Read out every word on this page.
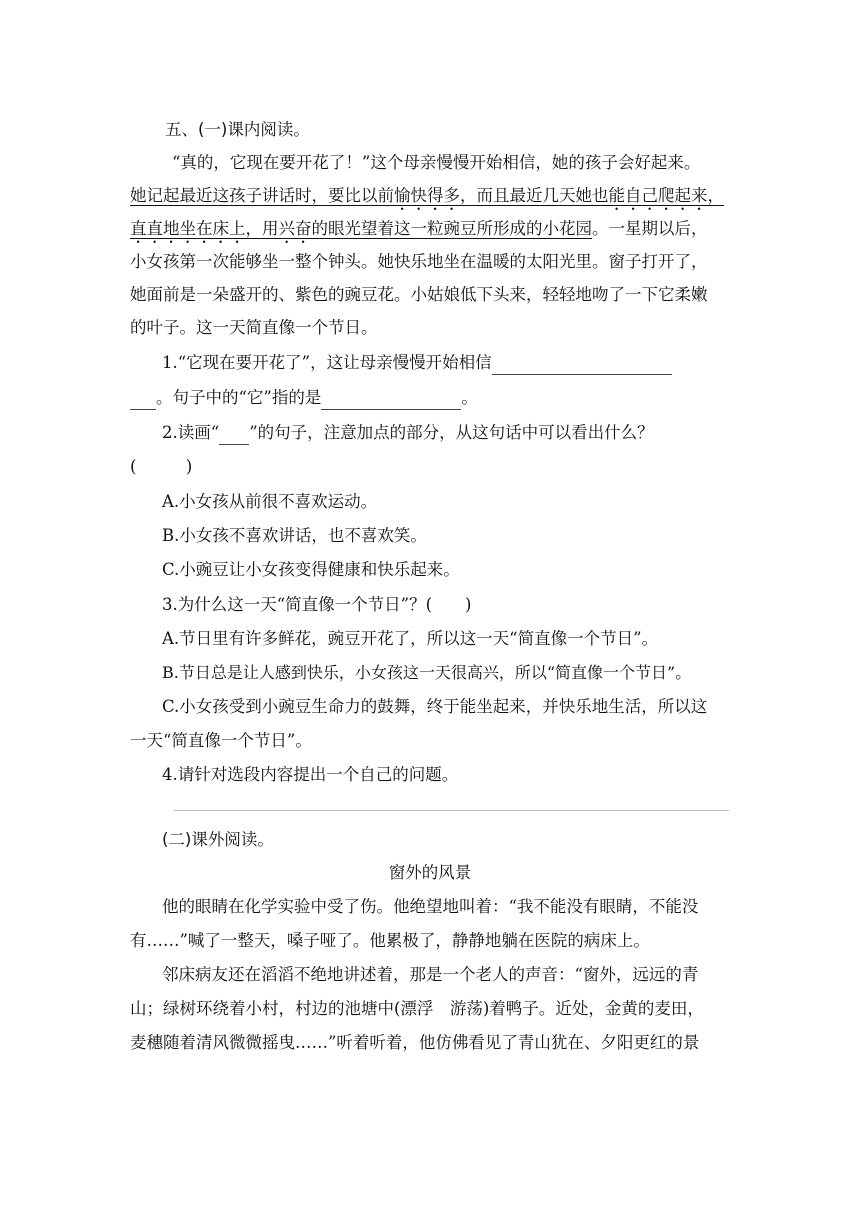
五、(一)课内阅读。
“真的，它现在要开花了！”这个母亲慢慢开始相信，她的孩子会好起来。
她记起最近这孩子讲话时，要比以前愉快得多，而且最近几天她也能自己爬起来，
直直地坐在床上，用兴奋的眼光望着这一粒豌豆所形成的小花园。一星期以后，
小女孩第一次能够坐一整个钟头。她快乐地坐在温暖的太阳光里。窗子打开了，
她面前是一朵盛开的、紫色的豌豆花。小姑娘低下头来，轻轻地吻了一下它柔嫩
的叶子。这一天简直像一个节日。
1.“它现在要开花了”，这让母亲慢慢开始相信
。句子中的“它”指的是	。
2.读画“ ”的句子，注意加点的部分，从这句话中可以看出什么？
(　　　)
A.小女孩从前很不喜欢运动。
B.小女孩不喜欢讲话，也不喜欢笑。
C.小豌豆让小女孩变得健康和快乐起来。
3.为什么这一天“简直像一个节日”？(　　)
A.节日里有许多鲜花，豌豆开花了，所以这一天“简直像一个节日”。
B.节日总是让人感到快乐，小女孩这一天很高兴，所以“简直像一个节日”。
C.小女孩受到小豌豆生命力的鼓舞，终于能坐起来，并快乐地生活，所以这
一天“简直像一个节日”。
4.请针对选段内容提出一个自己的问题。
(二)课外阅读。
窗外的风景
他的眼睛在化学实验中受了伤。他绝望地叫着：“我不能没有眼睛，不能没
有……”喊了一整天，嗓子哑了。他累极了，静静地躺在医院的病床上。
邻床病友还在滔滔不绝地讲述着，那是一个老人的声音：“窗外，远远的青
山；绿树环绕着小村，村边的池塘中(漂浮　游荡)着鸭子。近处，金黄的麦田，
麦穗随着清风微微摇曳……”听着听着，他仿佛看见了青山犹在、夕阳更红的景
